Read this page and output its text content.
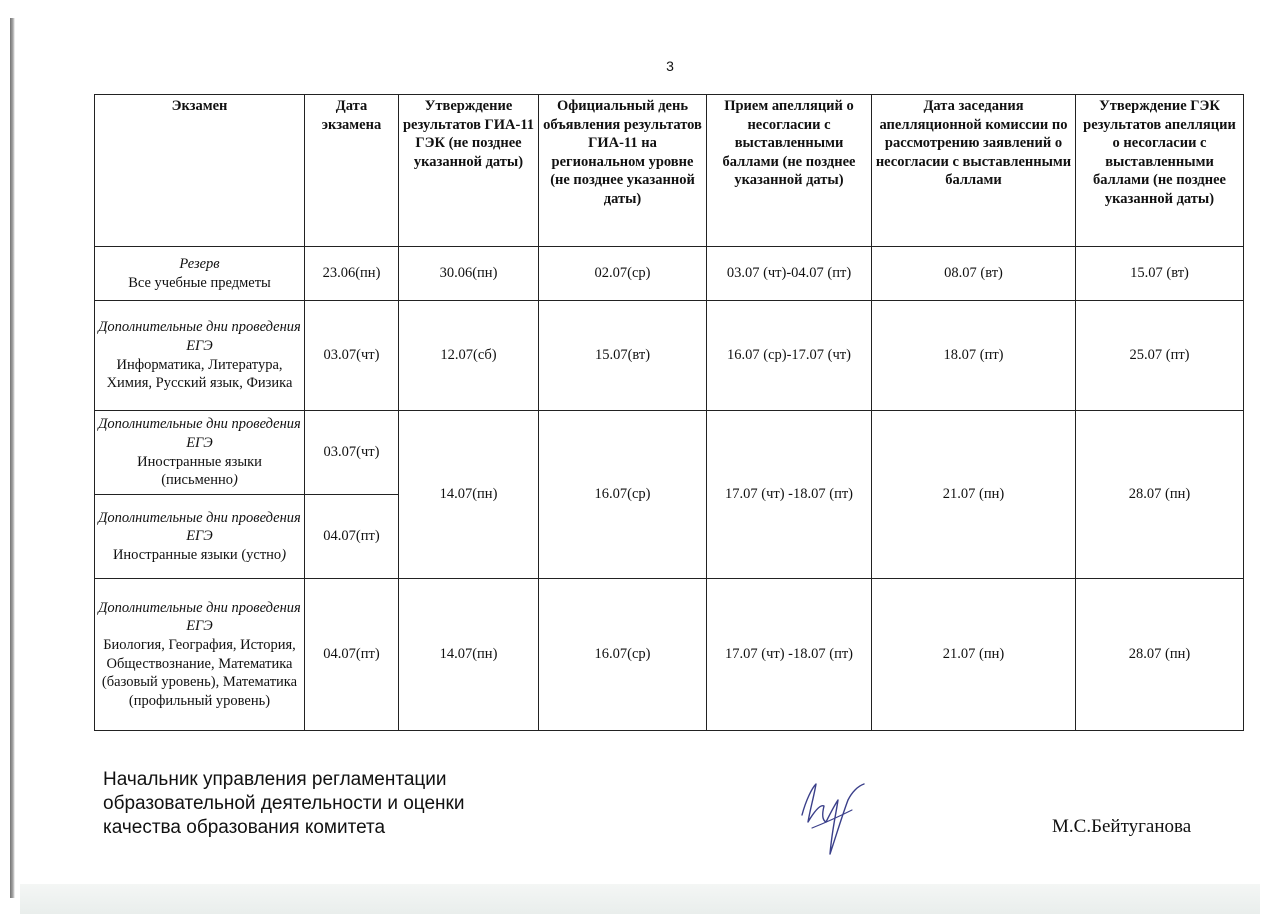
3
Экзамен	Дата экзамена	Утверждение результатов ГИА-11 ГЭК (не позднее указанной даты)	Официальный день объявления результатов ГИА-11 на региональном уровне (не позднее указанной даты)	Прием апелляций о несогласии с выставленными баллами (не позднее указанной даты)	Дата заседания апелляционной комиссии по рассмотрению заявлений о несогласии с выставленными баллами	Утверждение ГЭК результатов апелляции о несогласии с выставленными баллами (не позднее указанной даты)

Резерв
Все учебные предметы	23.06(пн)	30.06(пн)	02.07(ср)	03.07 (чт)-04.07 (пт)	08.07 (вт)	15.07 (вт)

Дополнительные дни проведения ЕГЭ
Информатика, Литература, Химия, Русский язык, Физика	03.07(чт)	12.07(сб)	15.07(вт)	16.07 (ср)-17.07 (чт)	18.07 (пт)	25.07 (пт)

Дополнительные дни проведения ЕГЭ
Иностранные языки (письменно)	03.07(чт)	14.07(пн)	16.07(ср)	17.07 (чт) -18.07 (пт)	21.07 (пн)	28.07 (пн)

Дополнительные дни проведения ЕГЭ
Иностранные языки (устно)	04.07(пт)					

Дополнительные дни проведения ЕГЭ
Биология, География, История, Обществознание, Математика (базовый уровень), Математика (профильный уровень)	04.07(пт)	14.07(пн)	16.07(ср)	17.07 (чт) -18.07 (пт)	21.07 (пн)	28.07 (пн)
Начальник управления регламентации
образовательной деятельности и оценки
качества образования комитета	М.С.Бейтуганова
